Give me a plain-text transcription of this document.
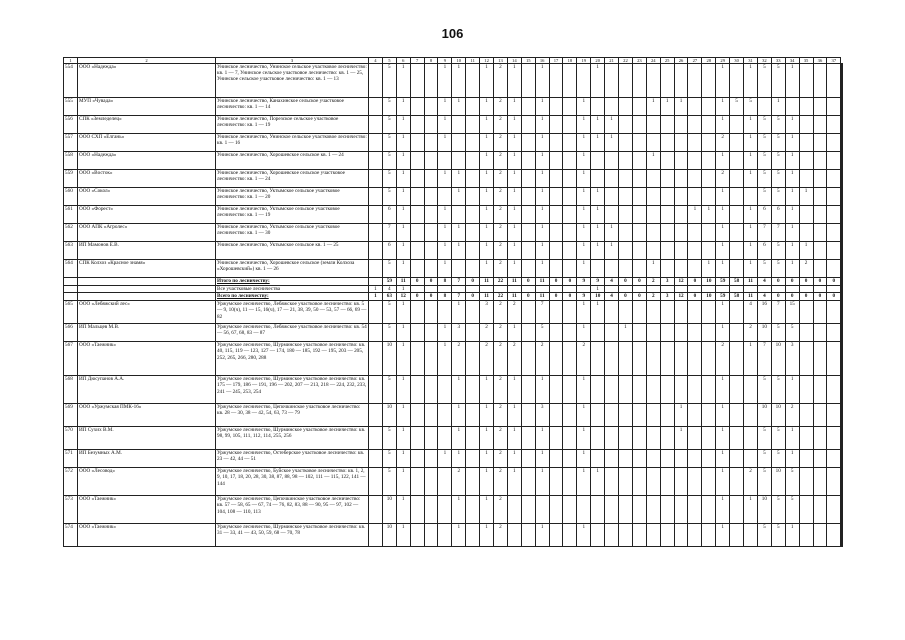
106
1	2	3	4	5	6	7	8	9	10	11	12	13	14	15	16	17	18	19	20	21	22	23	24	25	26	27	28	29	30	31	32	33	34	35	36	37	
554	ООО «Надежда»	Унинское лесничество, Унинское сельское участковое лесничество: кв. 1 — 7, Унинское сельское участковое лесничество: кв. 1 — 25, Унинское сельское участковое лесничество: кв. 1 — 13		5	1			1	1		1	2	1		1				1									1		1	5	5	1						
555	МУП «Чувада»	Унинское лесничество, Канахинское сельское участковое лесничество: кв. 1 — 14		5	1			1	1		1	2	1		1			1					1	1	1			1	5	5		1							
556	СПК «Земледелец»	Унинское лесничество, Порезское сельское участковое лесничество: кв. 1 — 19		5	1			1			1	2	1		1			1	1	1								1		1	5	5	1						
557	ООО СХП «Елгань»	Унинское лесничество, Унинское сельское участковое лесничество: кв. 1 — 16		5	1			1			1	2	1		1			1	1	1								2		1	5	5	1						
558	ООО «Надежда»	Унинское лесничество, Хорошевское сельское кв. 1 — 24		5	1						1	2	1		1			1					1					1		1	5	5	1						
559	ООО «Восток»	Унинское лесничество, Хорошевское сельское участковое лесничество: кв. 1 — 24		5	1			1	1		1	2	1		1			1										2		1	5	5	1						
560	ООО «Сокол»	Унинское лесничество, Уктымское сельское участковое лесничество: кв. 1 — 20		5	1				1		1	2	1		1			1	1									1			5	5	1	1					
561	ООО «Форест»	Унинское лесничество, Уктымское сельское участковое лесничество: кв. 1 — 19		6	1			1			1	2	1		1			1	1							1	1	1		1	6	6	1						
562	ООО АПК «Агролес»	Унинское лесничество, Уктымское сельское участковое лесничество: кв. 1 — 30		7	1			1	1		1	2	1		1			1	1	1								1		1	7	7	1						
563	ИП Мамонов Е.В.	Унинское лесничество, Уктымское сельское кв. 1 — 25		6	1			1	1		1	2	1		1			1	1	1								1		1	6	5	1	1					
564	СПК Колхоз «Красное знамя»	Унинское лесничество, Хорошевское сельское (земли Колхоза «Хорошевский») кв. 1 — 26		5	1			1			1	2	1		1			1					1				1	1		1	5	5	1	2					
		Итого по лесничеству:		59	11	0	0	8	7	0	11	22	11	0	11	0	0	9	9	4	0	0	2	3	12	0	10	59	58	11	4	0	0	0	0	0			
		Все участковые лесничества	1	4	1														1																				
		Всего по лесничеству:	1	63	12	0	0	8	7	0	11	22	11	0	11	0	0	9	10	4	0	0	2	3	12	0	10	59	58	11	4	0	0	0	0	0			
565	ООО «Лебяжский лес»	Уржумское лесничество, Лебяжское участковое лесничество: кв. 5 — 9, 10(ч), 11 — 15, 16(ч), 17 — 21, 38, 39, 50 — 53, 57 — 66, 69 — 82		5	1				1		3	2	2		7			1	1									1		4	16	7	15						
566	ИП Мальцев М.В.	Уржумское лесничество, Лебяжское участковое лесничество: кв. 54 — 56, 67, 68, 83 — 87		5	1			1	3		2	2	1		5			1			1							1		2	10	5	5						
567	ООО «Таежник»	Уржумское лесничество, Шурминское участковое лесничество: кв. 40, 115, 119 — 123, 127 — 174, 180 — 185, 192 — 195, 203 — 205, 252, 265, 266, 280, 288		10	1			1	2		2	2	2		2			2										2		1	7	10	3						
568	ИП Дюсупанов А.А.	Уржумское лесничество, Шурминское участковое лесничество: кв. 175 — 179, 186 — 191, 196 — 202, 207 — 213, 218 — 224, 232, 233, 241 — 245, 253, 254		5	1				1		1	2	1		1			1										1			5	5	1						
569	ООО «Уржумская ПМК-16»	Уржумское лесничество, Цепочкинское участковое лесничество: кв. 28 — 30, 38 — 42, 54, 63, 73 — 79		10	1				1		1	2	1		3			1							1			1			10	10	2						
570	ИП Сухих В.М.	Уржумское лесничество, Шурминское участковое лесничество: кв. 98, 99, 105, 111, 112, 114, 255, 256		5	1				1		1	2	1		1			1							1			1			5	5	1						
571	ИП Безумных А.М.	Уржумское лесничество, Остеберское участковое лесничество: кв. 23 — 42, 44 — 51		5	1			1	1		1	2	1		1			1										1			5	5	1						
572	ООО «Лесовод»	Уржумское лесничество, Буйское участковое лесничество: кв. 1, 2, 9, 10, 17, 18, 20, 28, 30, 38, 87, 88, 98 — 102, 111 — 115, 122, 141 — 144		5	1				2		1	2	1		1			1	1									1		2	5	10	5						
573	ООО «Таежник»	Уржумское лесничество, Цепочкинское участковое лесничество: кв. 57 — 58, 65 — 67, 74 — 76, 82, 83, 88 — 90, 95 — 97, 102 — 104, 108 — 110, 113		10	1				1		1	2																1		1	10	5	5						
574	ООО «Таежник»	Уржумское лесничество, Шурминское участковое лесничество: кв. 31 — 33, 41 — 43, 50, 59, 68 — 70, 78		10	1				1		1	2			1			1										1			5	5	1						
